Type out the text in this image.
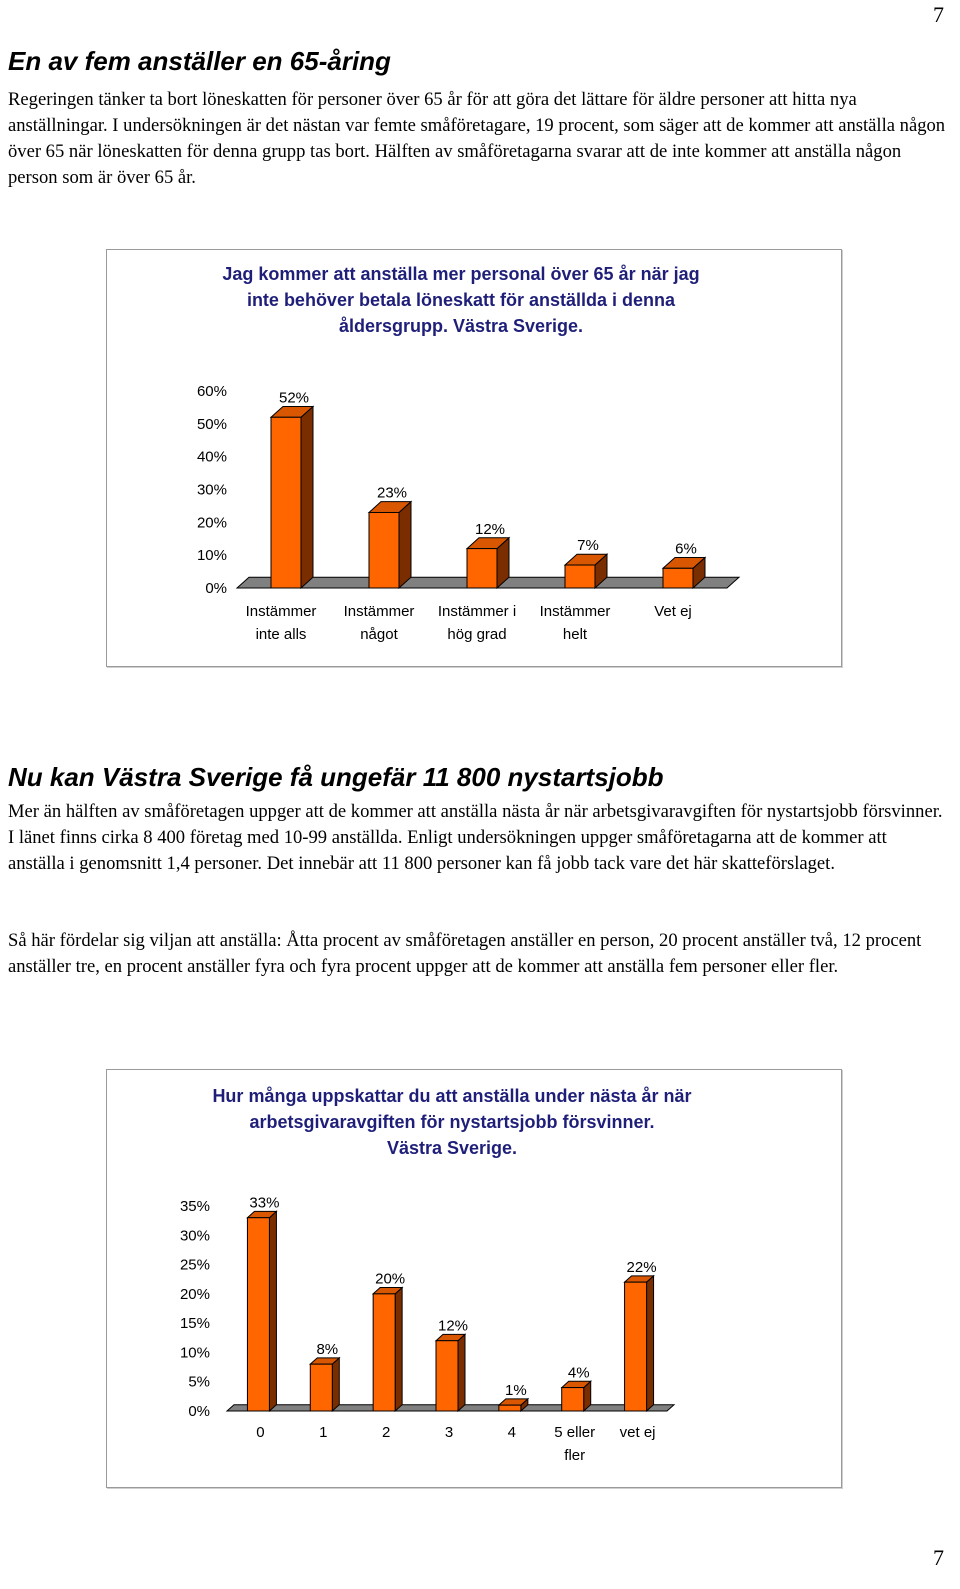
7
En av fem anställer en 65-åring

Regeringen tänker ta bort löneskatten för personer över 65 år för att göra det lättare för äldre personer att hitta nya anställningar. I undersökningen är det nästan var femte småföretagare, 19 procent, som säger att de kommer att anställa någon över 65 när löneskatten för denna grupp tas bort. Hälften av småföretagarna svarar att de inte kommer att anställa någon person som är över 65 år.

Jag kommer att anställa mer personal över 65 år när jag
inte behöver betala löneskatt för anställda i denna
åldersgrupp. Västra Sverige.
0%
10%
20%
30%
40%
50%
60%	52%
Instämmer
inte alls
23%
Instämmer
något
12%
Instämmer i
hög grad
7%
Instämmer
helt
6%
Vet ej
Nu kan Västra Sverige få ungefär 11 800 nystartsjobb

Mer än hälften av småföretagen uppger att de kommer att anställa nästa år när arbetsgivaravgiften för nystartsjobb försvinner. I länet finns cirka 8 400 företag med 10-99 anställda. Enligt undersökningen uppger småföretagarna att de kommer att anställa i genomsnitt 1,4 personer. Det innebär att 11 800 personer kan få jobb tack vare det här skatteförslaget.

Så här fördelar sig viljan att anställa: Åtta procent av småföretagen anställer en person, 20 procent anställer två, 12 procent anställer tre, en procent anställer fyra och fyra procent uppger att de kommer att anställa fem personer eller fler.

Hur många uppskattar du att anställa under nästa år när
arbetsgivaravgiften för nystartsjobb försvinner.
Västra Sverige.
0%
5%
10%
15%
20%
25%
30%
35%	33%
0
8%
1
20%
2
12%
3
1%
4
4%
5 eller
fler
22%
vet ej
7
